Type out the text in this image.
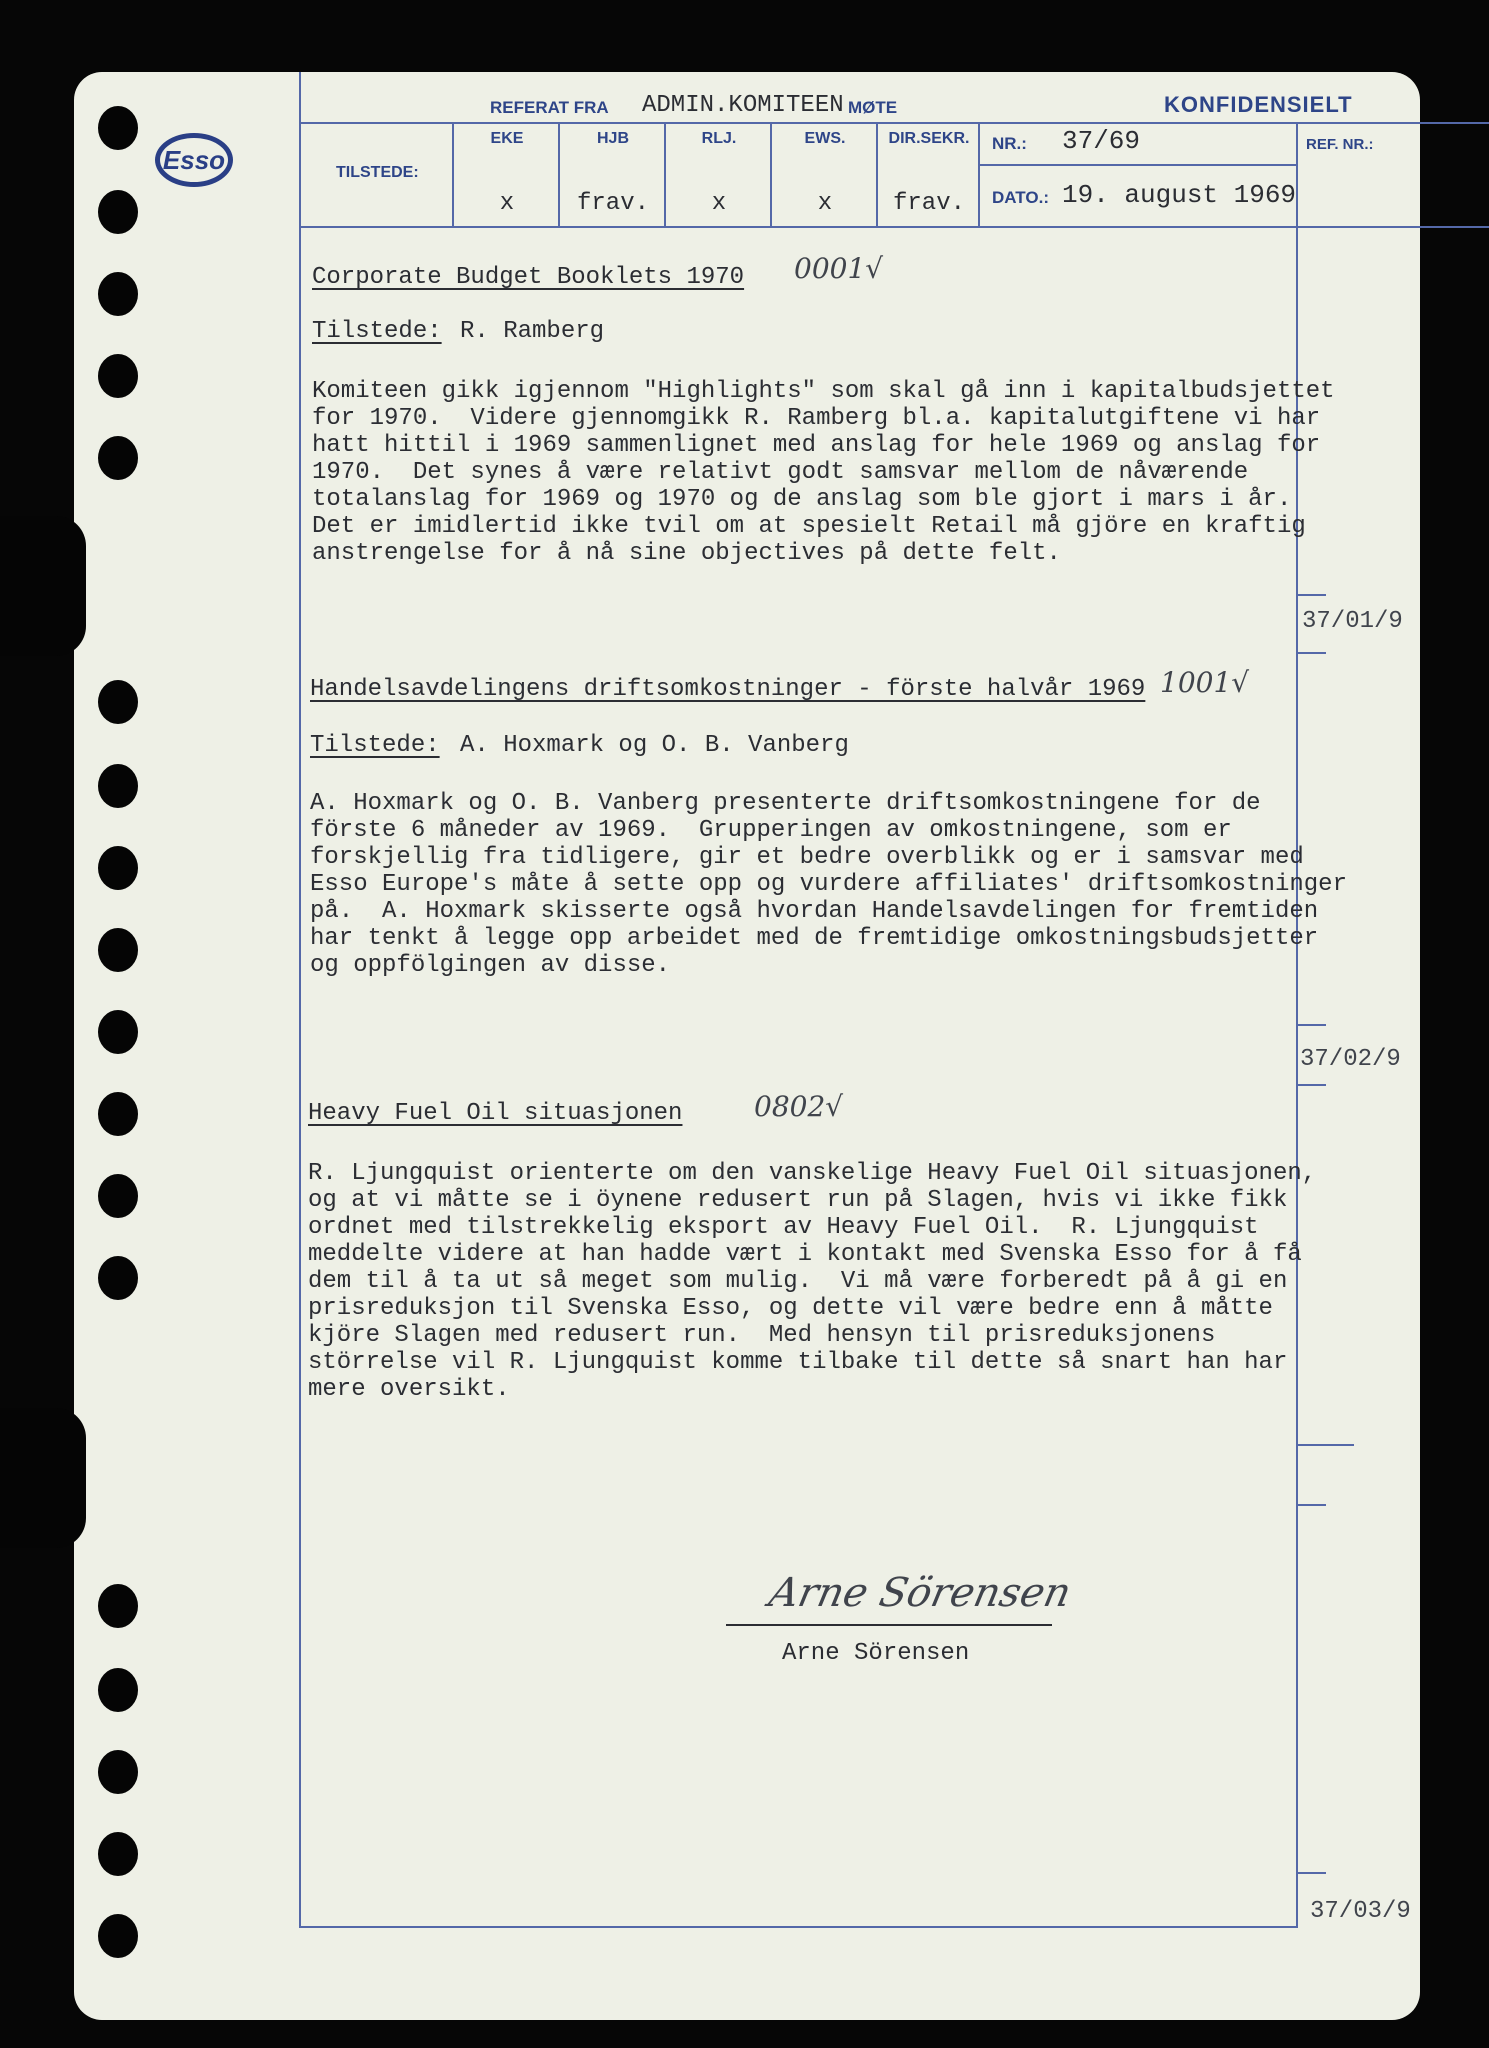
Esso
REFERAT FRA ADMIN.KOMITEEN MØTE	KONFIDENSIELT
TILSTEDE:
EKE	HJB	RLJ.	EWS.	DIR.SEKR.
x	frav.	x	x	frav.
NR.: 37/69
DATO.: 19. august 1969
REF. NR.:
Corporate Budget Booklets 1970 0001√
Tilstede: R. Ramberg
Komiteen gikk igjennom "Highlights" som skal gå inn i kapitalbudsjettet
for 1970.  Videre gjennomgikk R. Ramberg bl.a. kapitalutgiftene vi har
hatt hittil i 1969 sammenlignet med anslag for hele 1969 og anslag for
1970.  Det synes å være relativt godt samsvar mellom de nåværende
totalanslag for 1969 og 1970 og de anslag som ble gjort i mars i år.
Det er imidlertid ikke tvil om at spesielt Retail må gjöre en kraftig
anstrengelse for å nå sine objectives på dette felt.
37/01/9
Handelsavdelingens driftsomkostninger - förste halvår 1969 1001√
Tilstede: A. Hoxmark og O. B. Vanberg
A. Hoxmark og O. B. Vanberg presenterte driftsomkostningene for de
förste 6 måneder av 1969.  Grupperingen av omkostningene, som er
forskjellig fra tidligere, gir et bedre overblikk og er i samsvar med
Esso Europe's måte å sette opp og vurdere affiliates' driftsomkostninger
på.  A. Hoxmark skisserte også hvordan Handelsavdelingen for fremtiden
har tenkt å legge opp arbeidet med de fremtidige omkostningsbudsjetter
og oppfölgingen av disse.
37/02/9
Heavy Fuel Oil situasjonen	0802√
R. Ljungquist orienterte om den vanskelige Heavy Fuel Oil situasjonen,
og at vi måtte se i öynene redusert run på Slagen, hvis vi ikke fikk
ordnet med tilstrekkelig eksport av Heavy Fuel Oil.  R. Ljungquist
meddelte videre at han hadde vært i kontakt med Svenska Esso for å få
dem til å ta ut så meget som mulig.  Vi må være forberedt på å gi en
prisreduksjon til Svenska Esso, og dette vil være bedre enn å måtte
kjöre Slagen med redusert run.  Med hensyn til prisreduksjonens
störrelse vil R. Ljungquist komme tilbake til dette så snart han har
mere oversikt.
37/03/9
Arne Sörensen
Arne Sörensen
